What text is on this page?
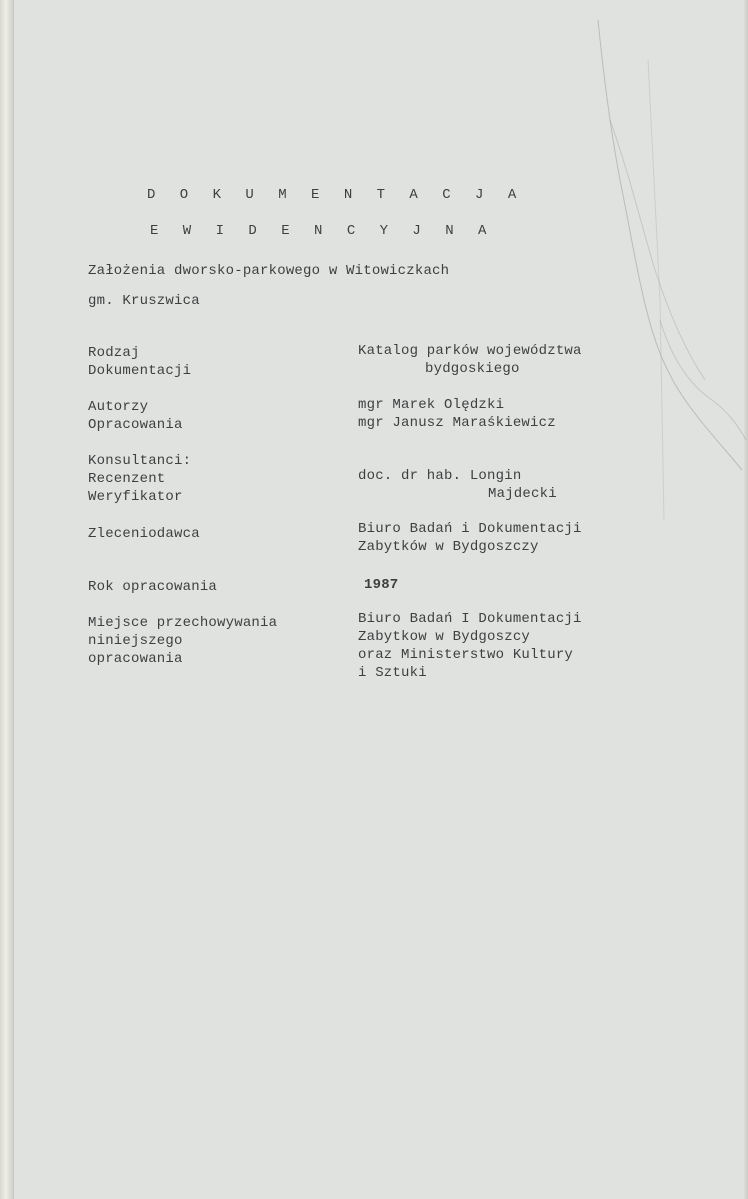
D O K U M E N T A C J A
E W I D E N C Y J N A
Założenia dworsko-parkowego w Witowiczkach
gm. Kruszwica
Rodzaj
Dokumentacji
Katalog parków województwa
bydgoskiego
Autorzy
Opracowania
mgr Marek Olędzki
mgr Janusz Maraśkiewicz
Konsultanci:
Recenzent
Weryfikator
doc. dr hab. Longin
Majdecki
Zleceniodawca	Biuro Badań i Dokumentacji
Zabytków w Bydgoszczy
Rok opracowania	1987
Miejsce przechowywania
niniejszego
opracowania
Biuro Badań I Dokumentacji
Zabytkow w Bydgoszcy
oraz Ministerstwo Kultury
i Sztuki
